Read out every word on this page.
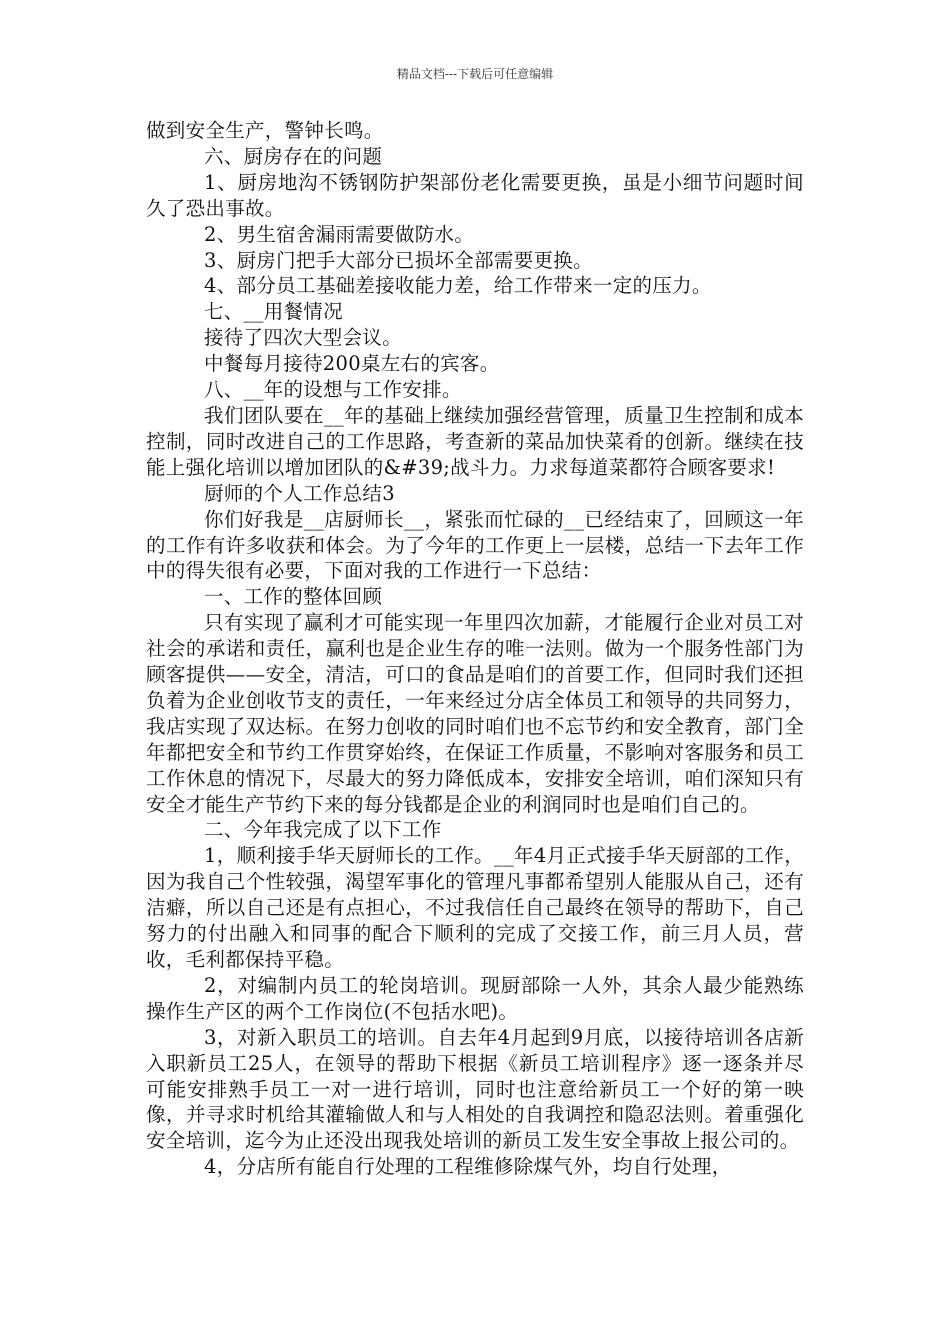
精品文档---下载后可任意编辑

做到安全生产，警钟长鸣。

六、厨房存在的问题

1、厨房地沟不锈钢防护架部份老化需要更换，虽是小细节问题时间久了恐出事故。

2、男生宿舍漏雨需要做防水。

3、厨房门把手大部分已损坏全部需要更换。

4、部分员工基础差接收能力差，给工作带来一定的压力。

七、__用餐情况

接待了四次大型会议。

中餐每月接待200桌左右的宾客。

八、__年的设想与工作安排。

我们团队要在__年的基础上继续加强经营管理，质量卫生控制和成本控制，同时改进自己的工作思路，考查新的菜品加快菜肴的创新。继续在技能上强化培训以增加团队的&#39;战斗力。力求每道菜都符合顾客要求!

厨师的个人工作总结3

你们好我是__店厨师长__，紧张而忙碌的__已经结束了，回顾这一年的工作有许多收获和体会。为了今年的工作更上一层楼，总结一下去年工作中的得失很有必要，下面对我的工作进行一下总结：

一、工作的整体回顾

只有实现了赢利才可能实现一年里四次加薪，才能履行企业对员工对社会的承诺和责任，赢利也是企业生存的唯一法则。做为一个服务性部门为顾客提供——安全，清洁，可口的食品是咱们的首要工作，但同时我们还担负着为企业创收节支的责任，一年来经过分店全体员工和领导的共同努力，我店实现了双达标。在努力创收的同时咱们也不忘节约和安全教育，部门全年都把安全和节约工作贯穿始终，在保证工作质量，不影响对客服务和员工工作休息的情况下，尽最大的努力降低成本，安排安全培训，咱们深知只有安全才能生产节约下来的每分钱都是企业的利润同时也是咱们自己的。

二、今年我完成了以下工作

1，顺利接手华天厨师长的工作。__年4月正式接手华天厨部的工作，因为我自己个性较强，渴望军事化的管理凡事都希望别人能服从自己，还有洁癖，所以自己还是有点担心，不过我信任自己最终在领导的帮助下，自己努力的付出融入和同事的配合下顺利的完成了交接工作，前三月人员，营收，毛利都保持平稳。

2，对编制内员工的轮岗培训。现厨部除一人外，其余人最少能熟练操作生产区的两个工作岗位(不包括水吧)。

3，对新入职员工的培训。自去年4月起到9月底，以接待培训各店新入职新员工25人，在领导的帮助下根据《新员工培训程序》逐一逐条并尽可能安排熟手员工一对一进行培训，同时也注意给新员工一个好的第一映像，并寻求时机给其灌输做人和与人相处的自我调控和隐忍法则。着重强化安全培训，迄今为止还没出现我处培训的新员工发生安全事故上报公司的。

4，分店所有能自行处理的工程维修除煤气外，均自行处理，
